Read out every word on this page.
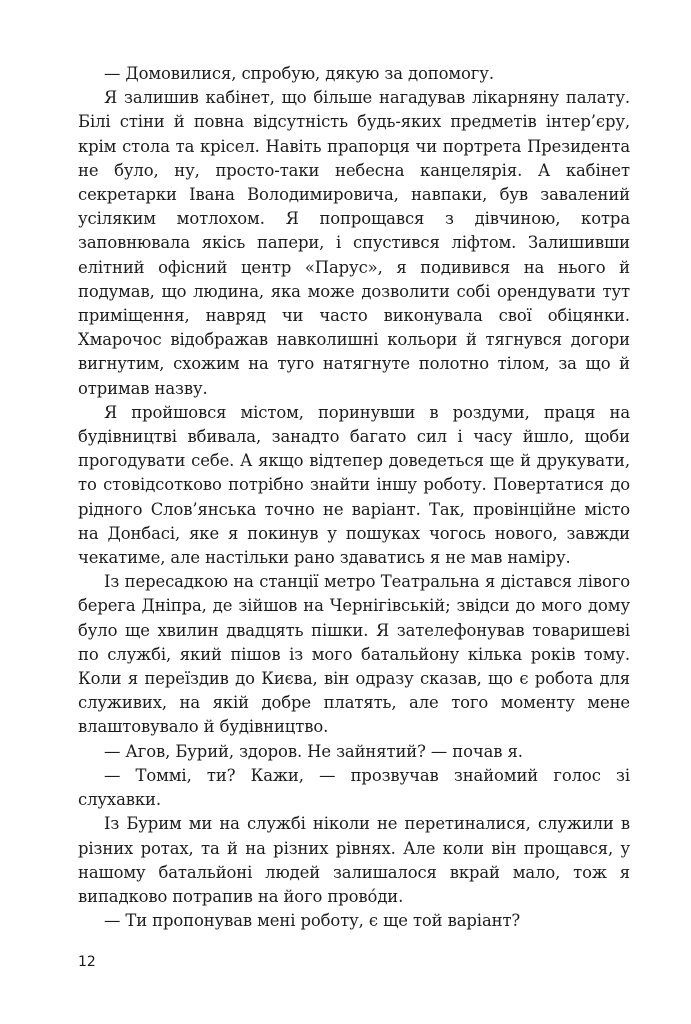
— Домовилися, спробую, дякую за допомогу.

Я залишив кабінет, що більше нагадував лікарняну палату. Білі стіни й повна відсутність будь-яких предметів інтер’єру, крім стола та крісел. Навіть прапорця чи портрета Президента не було, ну, просто-таки небесна канцелярія. А кабінет секретарки Івана Володимировича, навпаки, був завалений усіляким мотлохом. Я попрощався з дівчиною, котра заповнювала якісь папери, і спустився ліфтом. Залишивши елітний офісний центр «Парус», я подивився на нього й подумав, що людина, яка може дозволити собі орендувати тут приміщення, навряд чи часто виконувала свої обіцянки. Хмарочос відображав навколишні кольори й тягнувся догори вигнутим, схожим на туго натягнуте полотно тілом, за що й отримав назву.

Я пройшовся містом, поринувши в роздуми, праця на будівництві вбивала, занадто багато сил і часу йшло, щоби прогодувати себе. А якщо відтепер доведеться ще й друкувати, то стовідсотково потрібно знайти іншу роботу. Повертатися до рідного Слов’янська точно не варіант. Так, провінційне місто на Донбасі, яке я покинув у пошуках чогось нового, завжди чекатиме, але настільки рано здаватись я не мав наміру.

Із пересадкою на станції метро Театральна я дістався лівого берега Дніпра, де зійшов на Чернігівській; звідси до мого дому було ще хвилин двадцять пішки. Я зателефонував товаришеві по службі, який пішов із мого батальйону кілька років тому. Коли я переїздив до Києва, він одразу сказав, що є робота для служивих, на якій добре платять, але того моменту мене влаштовувало й будівництво.

— Агов, Бурий, здоров. Не зайнятий? — почав я.

— Томмі, ти? Кажи, — прозвучав знайомий голос зі слухавки.

Із Бурим ми на службі ніколи не перетиналися, служили в різних ротах, та й на різних рівнях. Але коли він прощався, у нашому батальйоні людей залишалося вкрай мало, тож я випадково потрапив на його прово́ди.

— Ти пропонував мені роботу, є ще той варіант?

12
